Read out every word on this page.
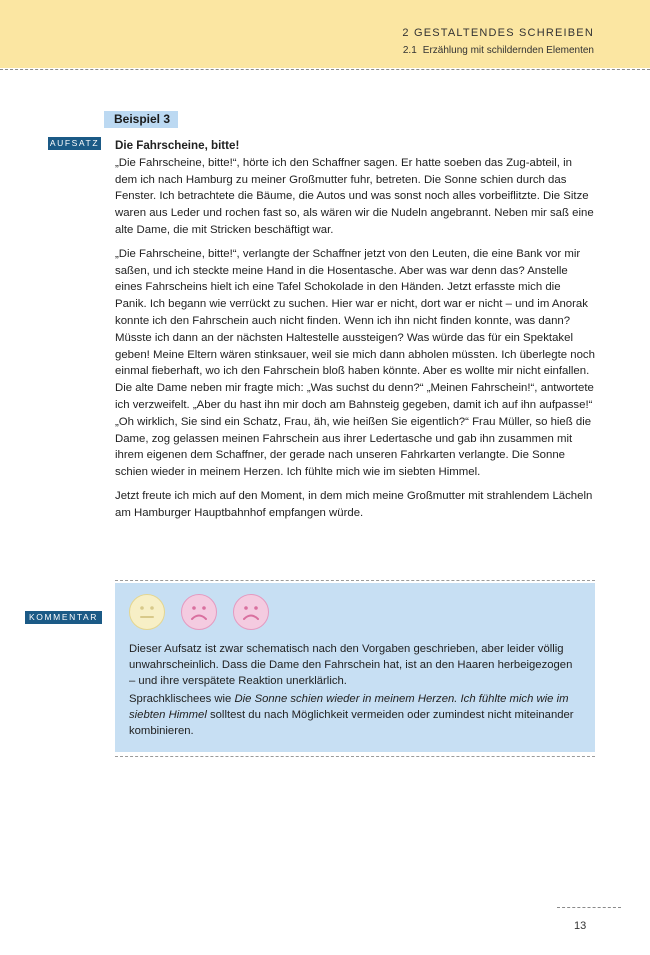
2 GESTALTENDES SCHREIBEN
2.1 Erzählung mit schildernden Elementen
Beispiel 3
AUFSATZ Die Fahrscheine, bitte!

„Die Fahrscheine, bitte!“, hörte ich den Schaffner sagen. Er hatte soeben das Zug-abteil, in dem ich nach Hamburg zu meiner Großmutter fuhr, betreten. Die Sonne schien durch das Fenster. Ich betrachtete die Bäume, die Autos und was sonst noch alles vorbeiflitzte. Die Sitze waren aus Leder und rochen fast so, als wären wir die Nudeln angebrannt. Neben mir saß eine alte Dame, die mit Stricken beschäftigt war.

„Die Fahrscheine, bitte!“, verlangte der Schaffner jetzt von den Leuten, die eine Bank vor mir saßen, und ich steckte meine Hand in die Hosentasche. Aber was war denn das? Anstelle eines Fahrscheins hielt ich eine Tafel Schokolade in den Händen. Jetzt erfasste mich die Panik. Ich begann wie verrückt zu suchen. Hier war er nicht, dort war er nicht – und im Anorak konnte ich den Fahrschein auch nicht finden. Wenn ich ihn nicht finden konnte, was dann? Müsste ich dann an der nächsten Haltestelle aussteigen? Was würde das für ein Spektakel geben! Meine Eltern wären stinksauer, weil sie mich dann abholen müssten. Ich überlegte noch einmal fieberhaft, wo ich den Fahrschein bloß haben könnte. Aber es wollte mir nicht einfallen. Die alte Dame neben mir fragte mich: „Was suchst du denn?“ „Meinen Fahrschein!“, antwortete ich verzweifelt. „Aber du hast ihn mir doch am Bahnsteig gegeben, damit ich auf ihn aufpasse!“ „Oh wirklich, Sie sind ein Schatz, Frau, äh, wie heißen Sie eigentlich?“ Frau Müller, so hieß die Dame, zog gelassen meinen Fahrschein aus ihrer Ledertasche und gab ihn zusammen mit ihrem eigenen dem Schaffner, der gerade nach unseren Fahrkarten verlangte. Die Sonne schien wieder in meinem Herzen. Ich fühlte mich wie im siebten Himmel.

Jetzt freute ich mich auf den Moment, in dem mich meine Großmutter mit strahlendem Lächeln am Hamburger Hauptbahnhof empfangen würde.

KOMMENTAR

Dieser Aufsatz ist zwar schematisch nach den Vorgaben geschrieben, aber leider völlig unwahrscheinlich. Dass die Dame den Fahrschein hat, ist an den Haaren herbeigezogen – und ihre verspätete Reaktion unerklärlich.

Sprachklischees wie Die Sonne schien wieder in meinem Herzen. Ich fühlte mich wie im siebten Himmel solltest du nach Möglichkeit vermeiden oder zumindest nicht miteinander kombinieren.

13
